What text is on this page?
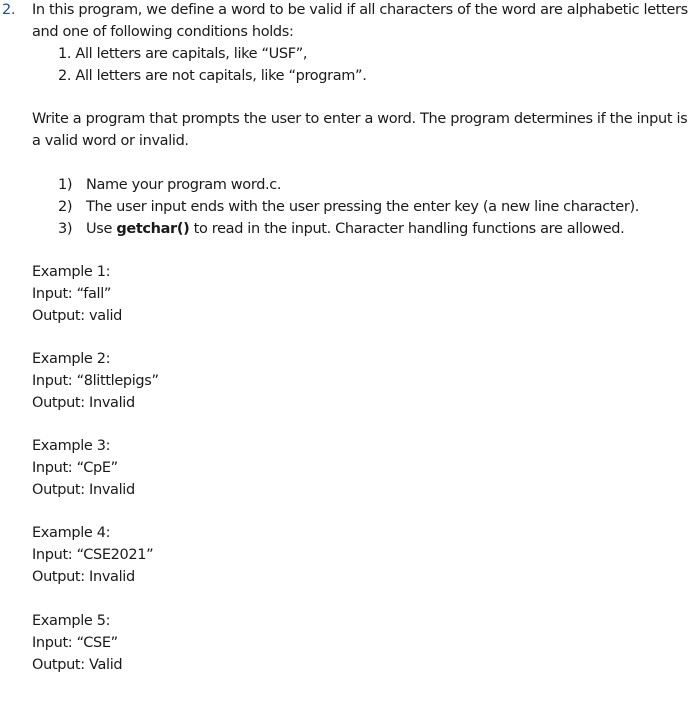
2. In this program, we define a word to be valid if all characters of the word are alphabetic letters
and one of following conditions holds:
1. All letters are capitals, like “USF”,
2. All letters are not capitals, like “program”.
Write a program that prompts the user to enter a word. The program determines if the input is
a valid word or invalid.
1) Name your program word.c.
2) The user input ends with the user pressing the enter key (a new line character).
3) Use getchar() to read in the input. Character handling functions are allowed.
Example 1:
Input: “fall”
Output: valid
Example 2:
Input: “8littlepigs”
Output: Invalid
Example 3:
Input: “CpE”
Output: Invalid
Example 4:
Input: “CSE2021”
Output: Invalid
Example 5:
Input: “CSE”
Output: Valid
